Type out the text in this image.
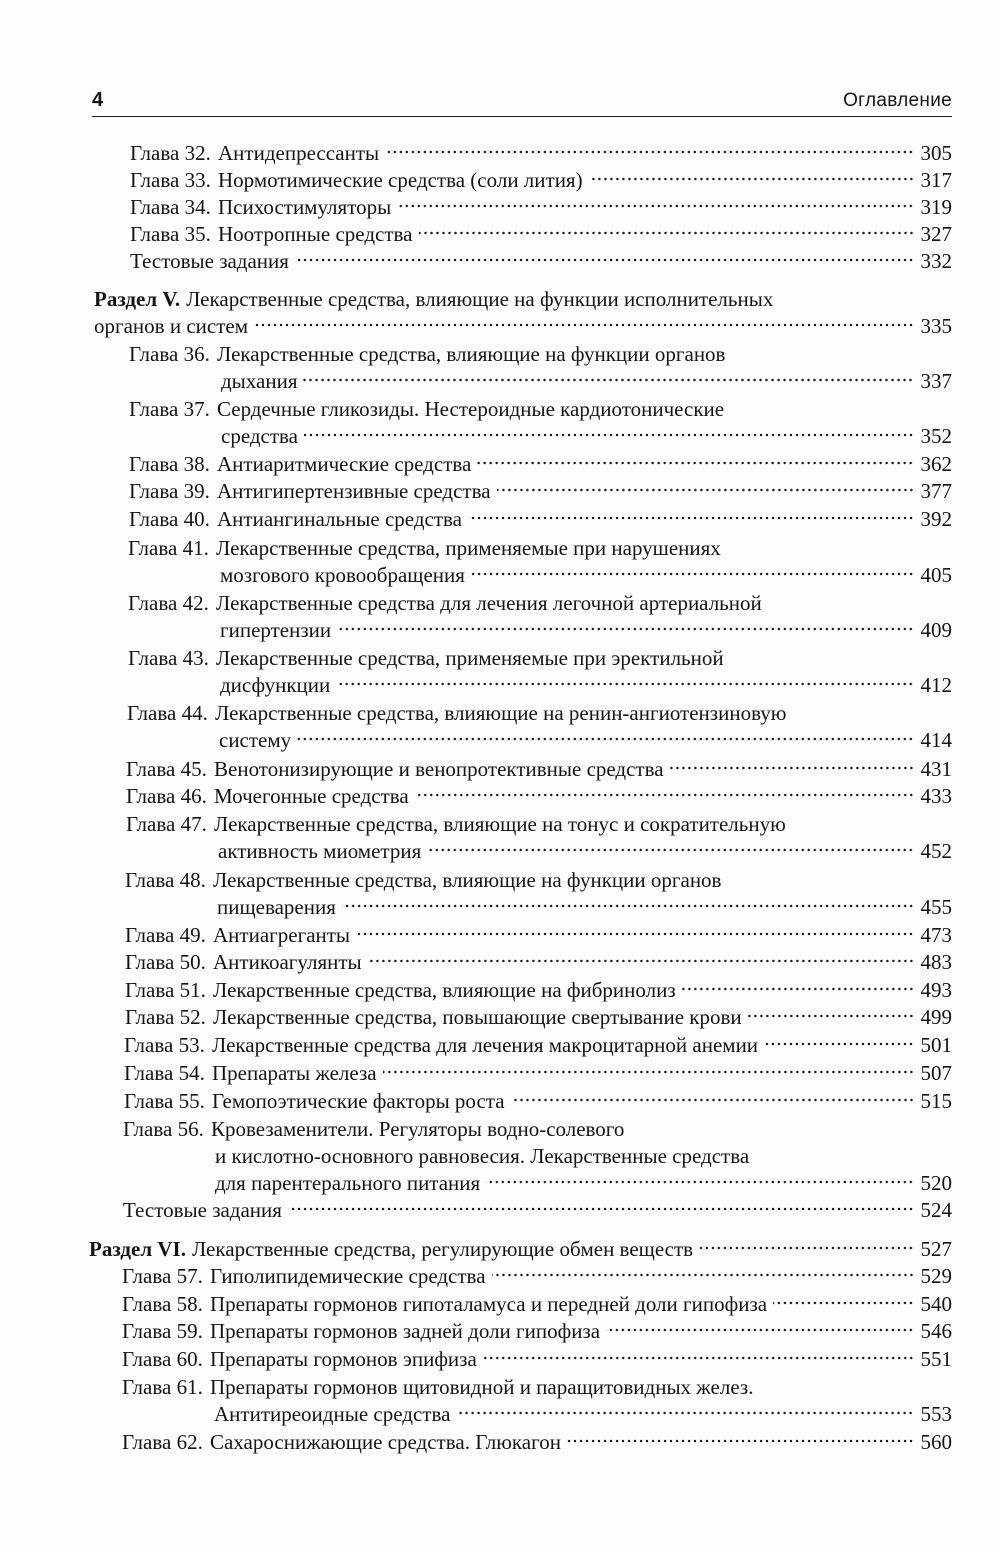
4	Оглавление
Глава 32. Антидепрессанты	305
Глава 33. Нормотимические средства (соли лития)	317
Глава 34. Психостимуляторы	319
Глава 35. Ноотропные средства	327
Тестовые задания	332
Раздел V. Лекарственные средства, влияющие на функции исполнительных
органов и систем	335
Глава 36. Лекарственные средства, влияющие на функции органов
дыхания	337
Глава 37. Сердечные гликозиды. Нестероидные кардиотонические
средства	352
Глава 38. Антиаритмические средства	362
Глава 39. Антигипертензивные средства	377
Глава 40. Антиангинальные средства	392
Глава 41. Лекарственные средства, применяемые при нарушениях
мозгового кровообращения	405
Глава 42. Лекарственные средства для лечения легочной артериальной
гипертензии	409
Глава 43. Лекарственные средства, применяемые при эректильной
дисфункции	412
Глава 44. Лекарственные средства, влияющие на ренин-ангиотензиновую
систему	414
Глава 45. Венотонизирующие и венопротективные средства	431
Глава 46. Мочегонные средства	433
Глава 47. Лекарственные средства, влияющие на тонус и сократительную
активность миометрия	452
Глава 48. Лекарственные средства, влияющие на функции органов
пищеварения	455
Глава 49. Антиагреганты	473
Глава 50. Антикоагулянты	483
Глава 51. Лекарственные средства, влияющие на фибринолиз	493
Глава 52. Лекарственные средства, повышающие свертывание крови	499
Глава 53. Лекарственные средства для лечения макроцитарной анемии	501
Глава 54. Препараты железа	507
Глава 55. Гемопоэтические факторы роста	515
Глава 56. Кровезаменители. Регуляторы водно-солевого
и кислотно-основного равновесия. Лекарственные средства
для парентерального питания	520
Тестовые задания	524
Раздел VI. Лекарственные средства, регулирующие обмен веществ	527
Глава 57. Гиполипидемические средства	529
Глава 58. Препараты гормонов гипоталамуса и передней доли гипофиза	540
Глава 59. Препараты гормонов задней доли гипофиза	546
Глава 60. Препараты гормонов эпифиза	551
Глава 61. Препараты гормонов щитовидной и паращитовидных желез.
Антитиреоидные средства	553
Глава 62. Сахароснижающие средства. Глюкагон	560
